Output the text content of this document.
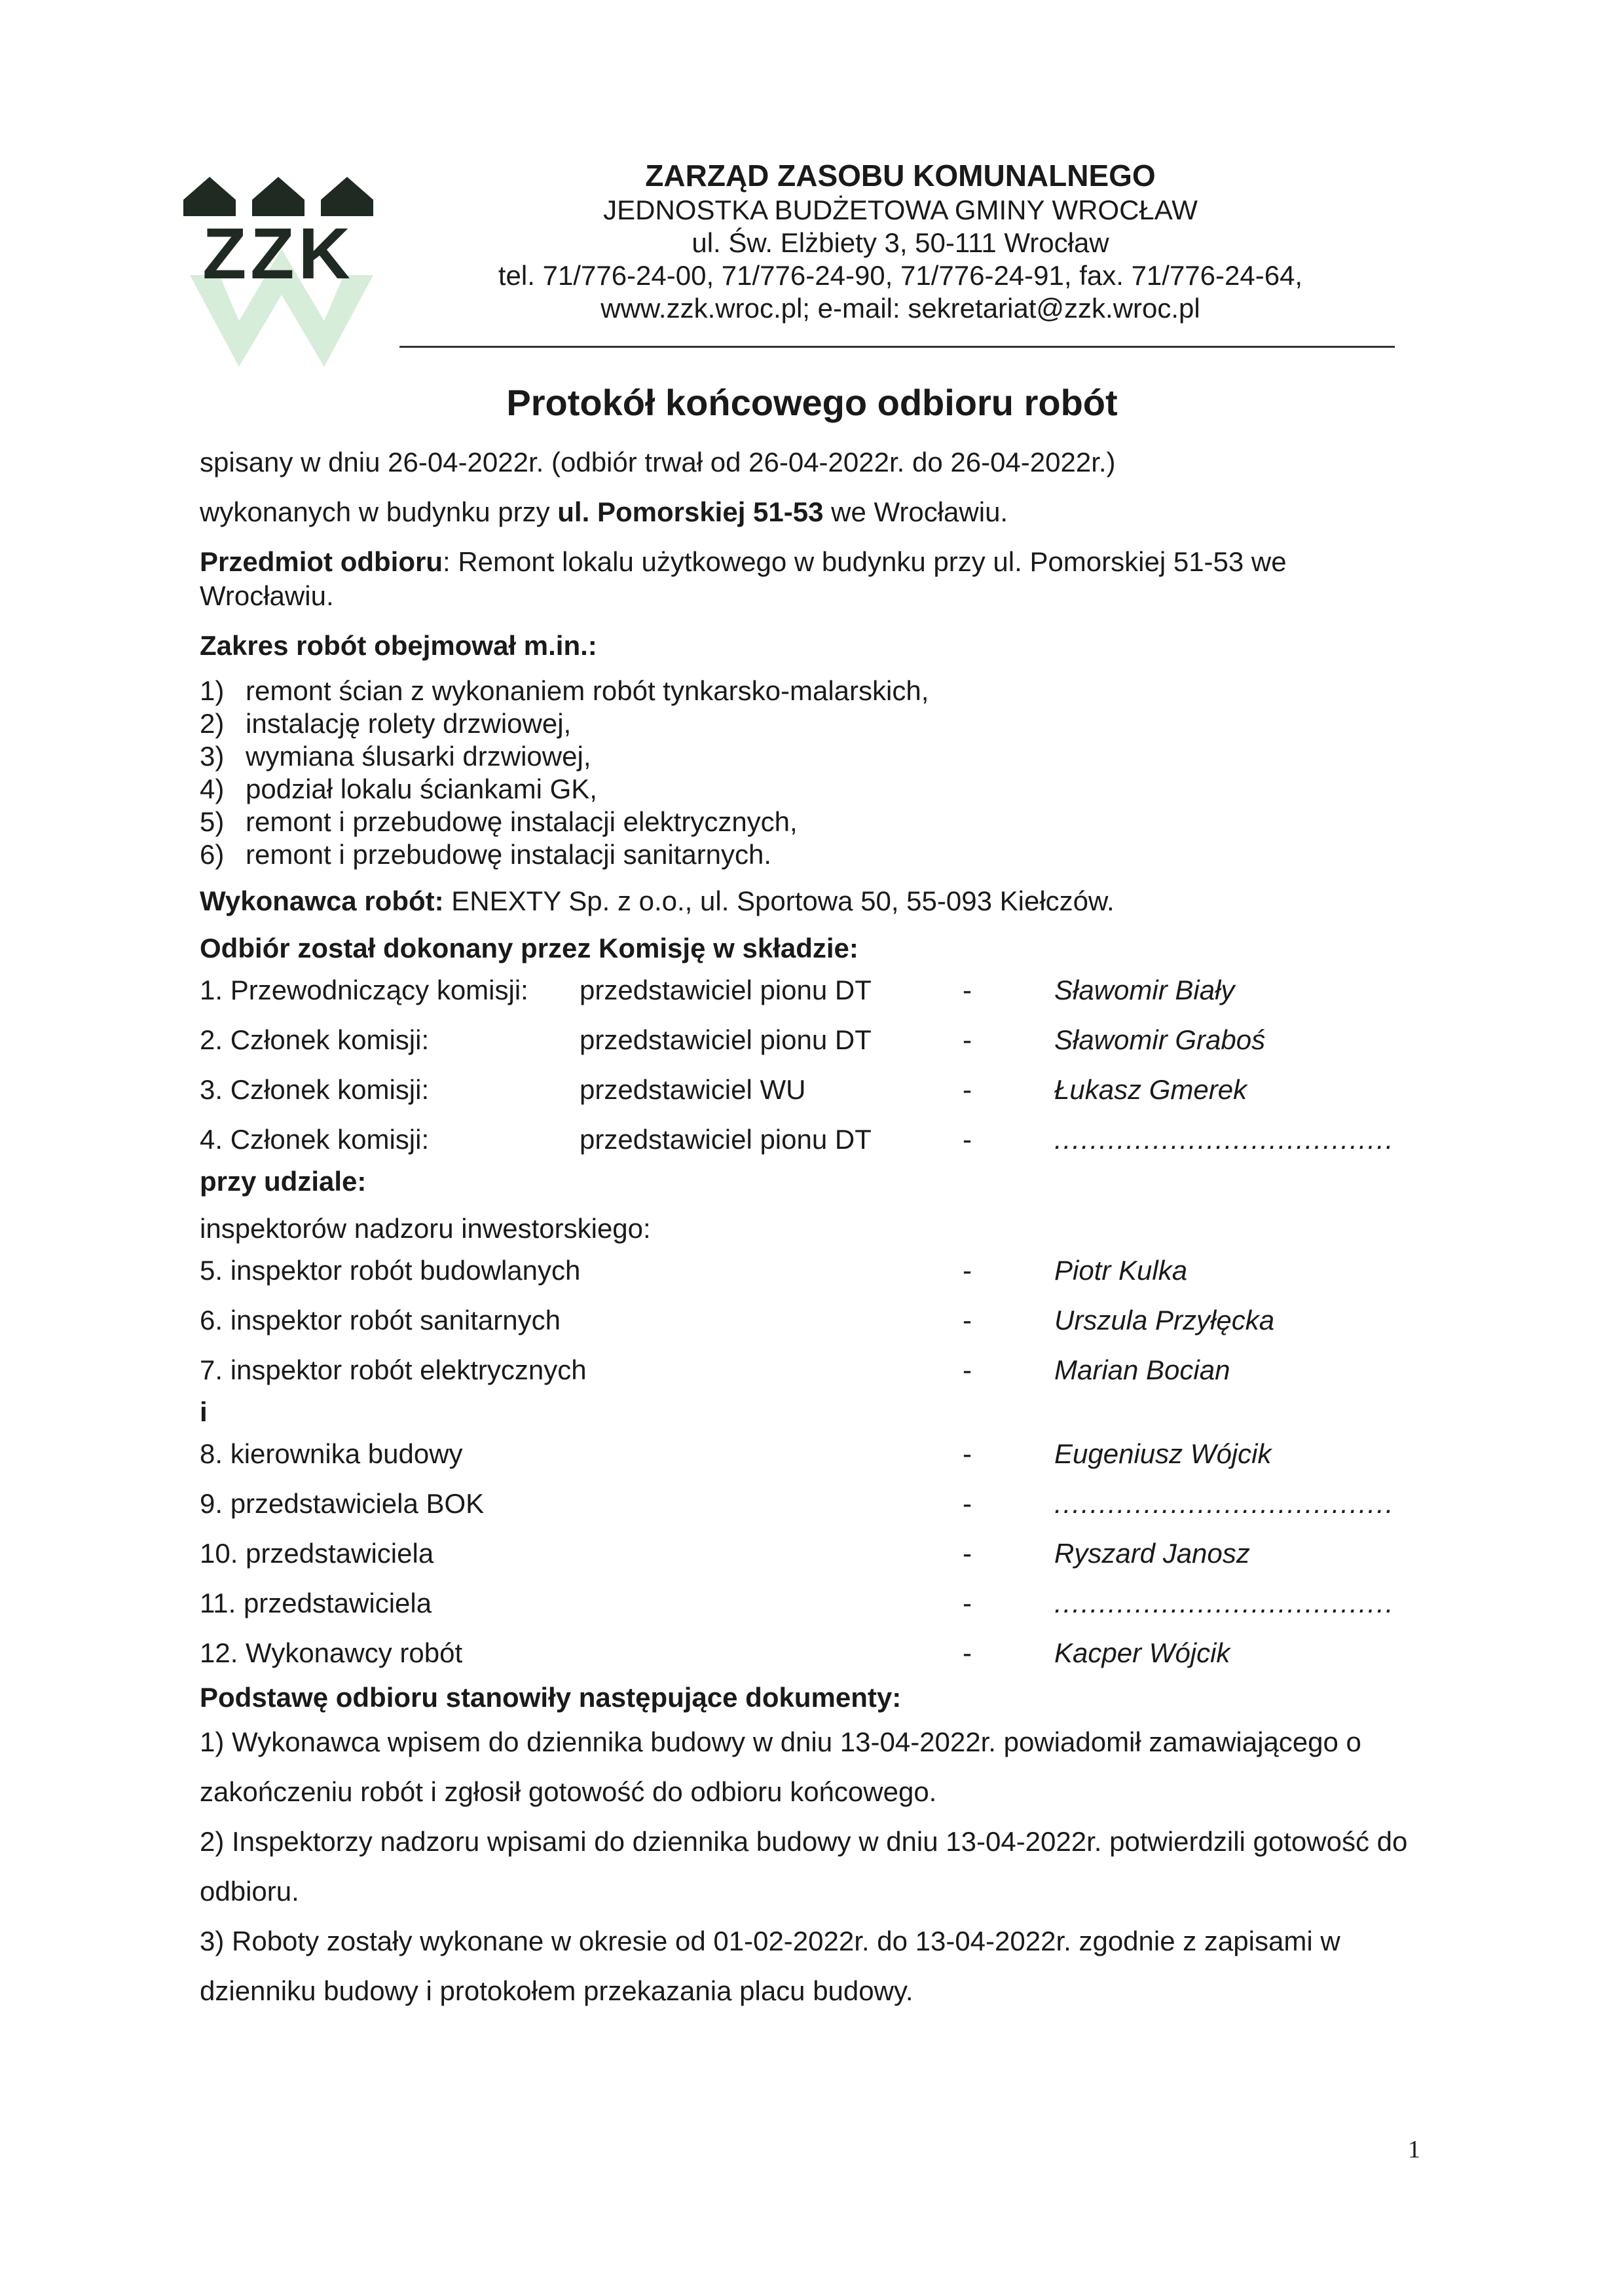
ZZK
ZARZĄD ZASOBU KOMUNALNEGO
JEDNOSTKA BUDŻETOWA GMINY WROCŁAW
ul. Św. Elżbiety 3, 50-111 Wrocław
tel. 71/776-24-00, 71/776-24-90, 71/776-24-91, fax. 71/776-24-64,
www.zzk.wroc.pl; e-mail: sekretariat@zzk.wroc.pl
Protokół końcowego odbioru robót

spisany w dniu 26-04-2022r. (odbiór trwał od 26-04-2022r. do 26-04-2022r.)

wykonanych w budynku przy ul. Pomorskiej 51-53 we Wrocławiu.

Przedmiot odbioru: Remont lokalu użytkowego w budynku przy ul. Pomorskiej 51-53 we

Wrocławiu.

Zakres robót obejmował m.in.:

1) remont ścian z wykonaniem robót tynkarsko-malarskich,
2) instalację rolety drzwiowej,
3) wymiana ślusarki drzwiowej,
4) podział lokalu ściankami GK,
5) remont i przebudowę instalacji elektrycznych,
6) remont i przebudowę instalacji sanitarnych.

Wykonawca robót: ENEXTY Sp. z o.o., ul. Sportowa 50, 55-093 Kiełczów.

Odbiór został dokonany przez Komisję w składzie:

1. Przewodniczący komisji: przedstawiciel pionu DT	-	Sławomir Biały
2. Członek komisji:	przedstawiciel pionu DT	-	Sławomir Graboś
3. Członek komisji:	przedstawiciel WU	-	Łukasz Gmerek
4. Członek komisji:	przedstawiciel pionu DT	-	......................................

przy udziale:

inspektorów nadzoru inwestorskiego:

5. inspektor robót budowlanych	-	Piotr Kulka
6. inspektor robót sanitarnych	-	Urszula Przyłęcka
7. inspektor robót elektrycznych	-	Marian Bocian

i

8. kierownika budowy	-	Eugeniusz Wójcik
9. przedstawiciela BOK	-	......................................
10. przedstawiciela	-	Ryszard Janosz
11. przedstawiciela	-	......................................
12. Wykonawcy robót	-	Kacper Wójcik

Podstawę odbioru stanowiły następujące dokumenty:

1) Wykonawca wpisem do dziennika budowy w dniu 13-04-2022r. powiadomił zamawiającego o zakończeniu robót i zgłosił gotowość do odbioru końcowego.

2) Inspektorzy nadzoru wpisami do dziennika budowy w dniu 13-04-2022r. potwierdzili gotowość do odbioru.

3) Roboty zostały wykonane w okresie od 01-02-2022r. do 13-04-2022r. zgodnie z zapisami w dzienniku budowy i protokołem przekazania placu budowy.

1
